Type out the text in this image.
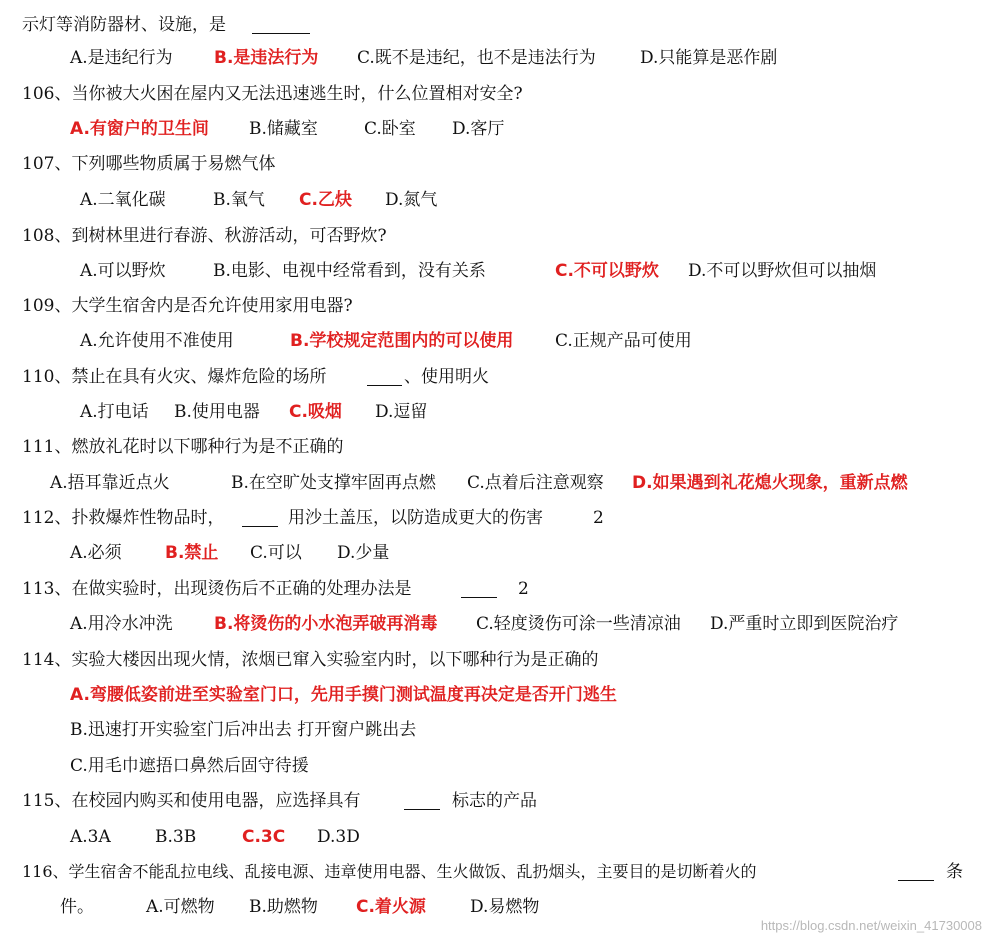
示灯等消防器材、设施，是
A.是违纪行为 B.是违法行为 C.既不是违纪，也不是违法行为	D.只能算是恶作剧
106、当你被大火困在屋内又无法迅速逃生时，什么位置相对安全?
A.有窗户的卫生间 B.储藏室	C.卧室 D.客厅
107、下列哪些物质属于易燃气体
A.二氧化碳	B.氧气 C.乙炔 D.氮气
108、到树林里进行春游、秋游活动，可否野炊?
A.可以野炊	B.电影、电视中经常看到，没有关系	C.不可以野炊 D.不可以野炊但可以抽烟
109、大学生宿舍内是否允许使用家用电器?
A.允许使用不准使用	B.学校规定范围内的可以使用 C.正规产品可使用
110、禁止在具有火灾、爆炸危险的场所	、使用明火
A.打电话 B.使用电器 C.吸烟 D.逗留
111、燃放礼花时以下哪种行为是不正确的
A.捂耳靠近点火	B.在空旷处支撑牢固再点燃 C.点着后注意观察 D.如果遇到礼花熄火现象，重新点燃
112、扑救爆炸性物品时，	用沙土盖压，以防造成更大的伤害	2
A.必须	B.禁止 C.可以 D.少量
113、在做实验时，出现烫伤后不正确的处理办法是	2
A.用冷水冲洗 B.将烫伤的小水泡弄破再消毒 C.轻度烫伤可涂一些清凉油 D.严重时立即到医院治疗
114、实验大楼因出现火情，浓烟已窜入实验室内时，以下哪种行为是正确的
A.弯腰低姿前进至实验室门口，先用手摸门测试温度再决定是否开门逃生
B.迅速打开实验室门后冲出去 打开窗户跳出去
C.用毛巾遮捂口鼻然后固守待援
115、在校园内购买和使用电器，应选择具有	标志的产品
A.3A	B.3B	C.3C D.3D
116、学生宿舍不能乱拉电线、乱接电源、违章使用电器、生火做饭、乱扔烟头，主要目的是切断着火的	条
件。	A.可燃物 B.助燃物 C.着火源	D.易燃物
https://blog.csdn.net/weixin_41730008
